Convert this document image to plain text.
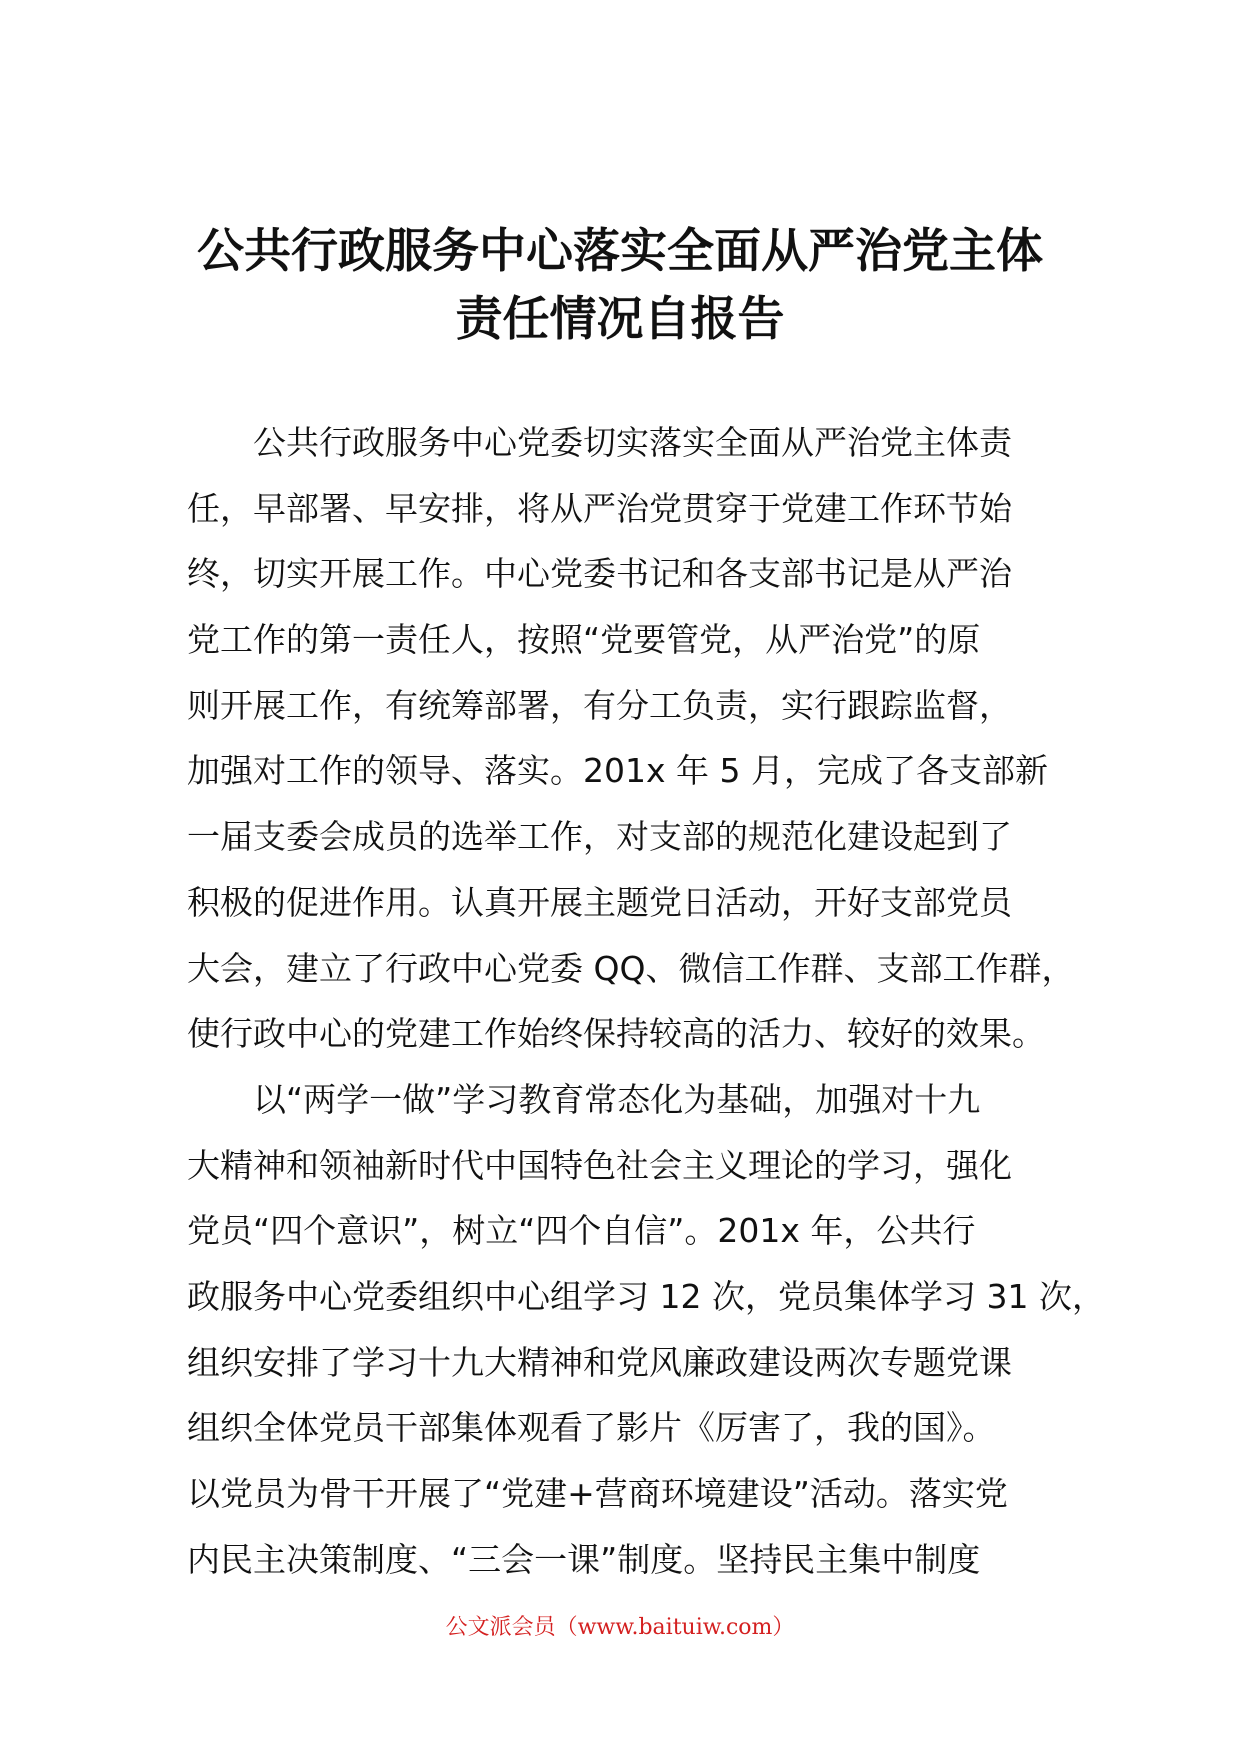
公共行政服务中心落实全面从严治党主体
责任情况自报告
　　公共行政服务中心党委切实落实全面从严治党主体责
任，早部署、早安排，将从严治党贯穿于党建工作环节始
终，切实开展工作。中心党委书记和各支部书记是从严治
党工作的第一责任人，按照“党要管党，从严治党”的原
则开展工作，有统筹部署，有分工负责，实行跟踪监督，
加强对工作的领导、落实。201x 年 5 月，完成了各支部新
一届支委会成员的选举工作，对支部的规范化建设起到了
积极的促进作用。认真开展主题党日活动，开好支部党员
大会，建立了行政中心党委 QQ、微信工作群、支部工作群，
使行政中心的党建工作始终保持较高的活力、较好的效果。
　　以“两学一做”学习教育常态化为基础，加强对十九
大精神和领袖新时代中国特色社会主义理论的学习，强化
党员“四个意识”，树立“四个自信”。201x 年，公共行
政服务中心党委组织中心组学习 12 次，党员集体学习 31 次，
组织安排了学习十九大精神和党风廉政建设两次专题党课
组织全体党员干部集体观看了影片《厉害了，我的国》。
以党员为骨干开展了“党建+营商环境建设”活动。落实党
内民主决策制度、“三会一课”制度。坚持民主集中制度
公文派会员（www.baituiw.com）
